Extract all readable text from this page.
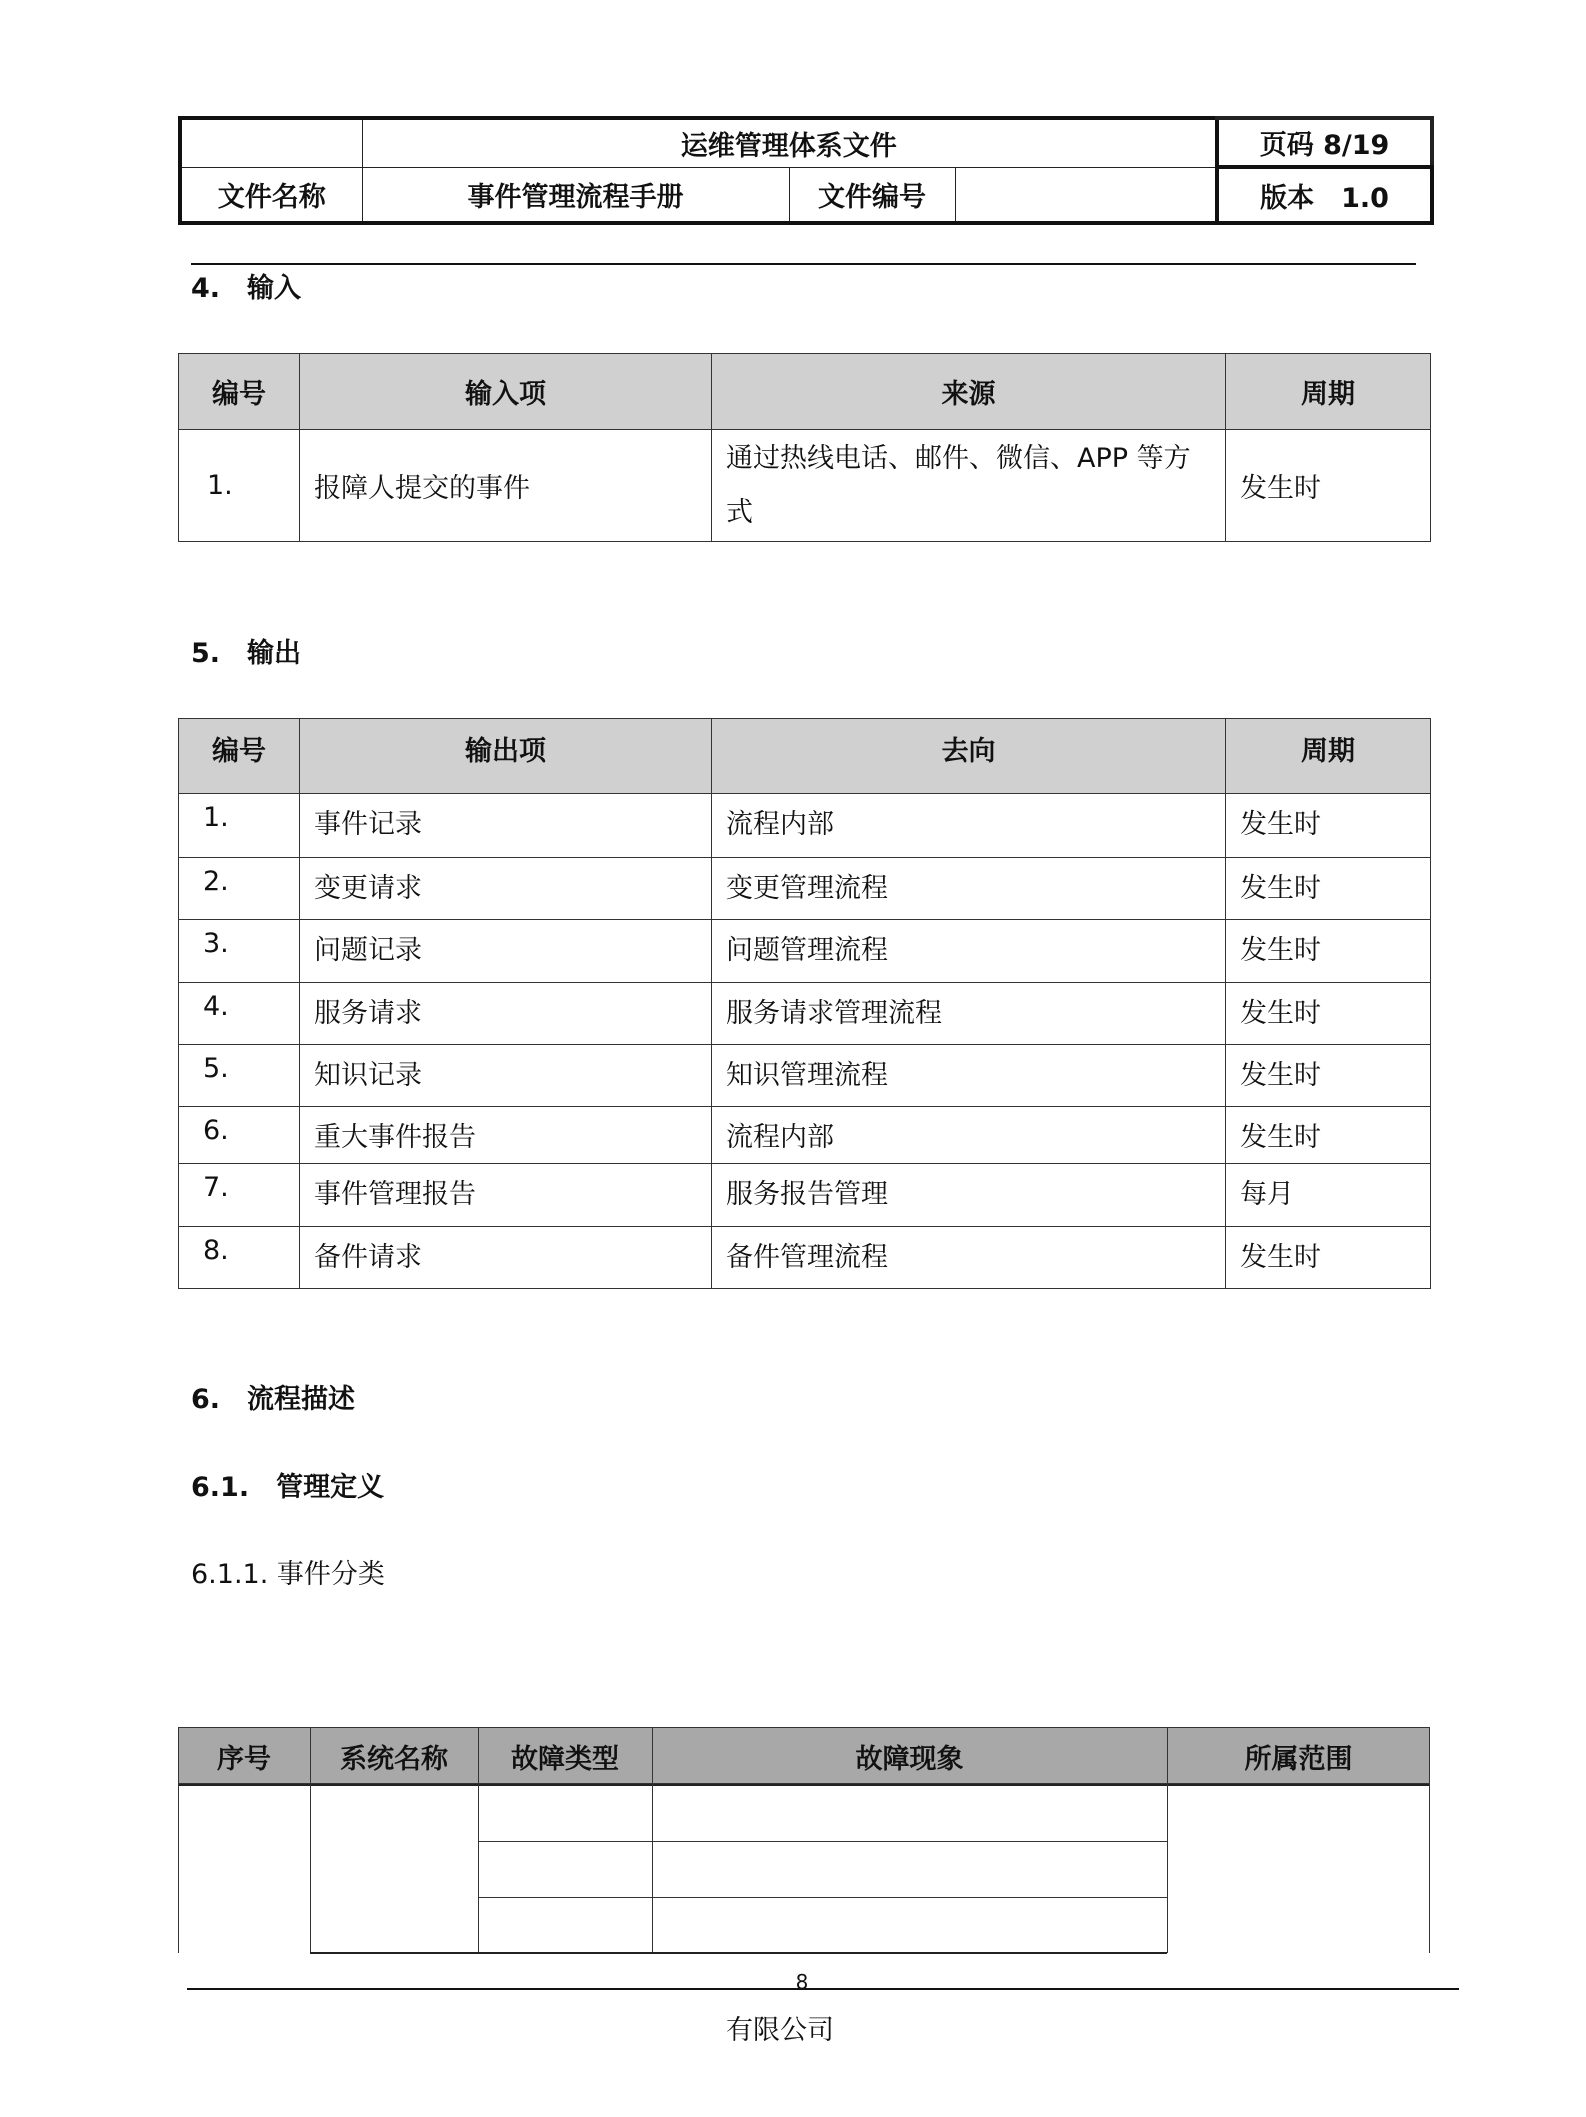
	运维管理体系文件			页码 8/19
文件名称	事件管理流程手册	文件编号		版本　1.0
4.　输入
编号	输入项	来源	周期
1.	报障人提交的事件	通过热线电话、邮件、微信、APP 等方式	发生时
5.　输出
编号	输出项	去向	周期
1.	事件记录	流程内部	发生时
2.	变更请求	变更管理流程	发生时
3.	问题记录	问题管理流程	发生时
4.	服务请求	服务请求管理流程	发生时
5.	知识记录	知识管理流程	发生时
6.	重大事件报告	流程内部	发生时
7.	事件管理报告	服务报告管理	每月
8.	备件请求	备件管理流程	发生时
6.　流程描述
6.1.　管理定义
6.1.1. 事件分类
序号	系统名称	故障类型	故障现象	所属范围
8
有限公司
